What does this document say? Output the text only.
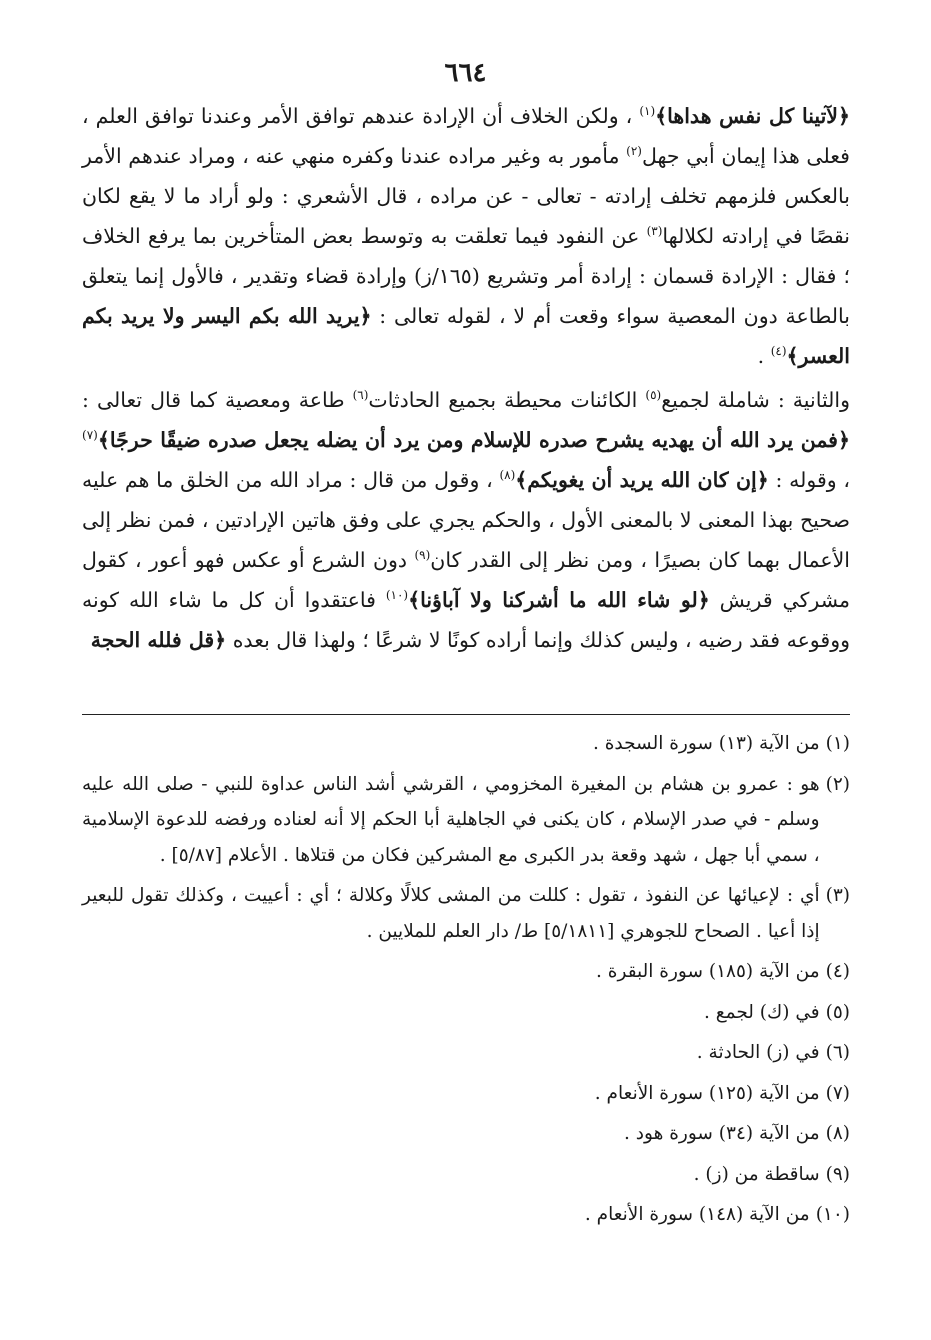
٦٦٤

﴿لآتينا كل نفس هداها﴾$^{(١)}$ ، ولكن الخلاف أن الإرادة عندهم توافق الأمر وعندنا توافق العلم ، فعلى هذا إيمان أبي جهل$^{(٢)}$ مأمور به وغير مراده عندنا وكفره منهي عنه ، ومراد عندهم الأمر بالعكس فلزمهم تخلف إرادته - تعالى - عن مراده ، قال الأشعري : ولو أراد ما لا يقع لكان نقصًا في إرادته لكلالها$^{(٣)}$ عن النفود فيما تعلقت به وتوسط بعض المتأخرين بما يرفع الخلاف ؛ فقال : الإرادة قسمان : إرادة أمر وتشريع (١٦٥/ز) وإرادة قضاء وتقدير ، فالأول إنما يتعلق بالطاعة دون المعصية سواء وقعت أم لا ، لقوله تعالى : ﴿يريد الله بكم اليسر ولا يريد بكم العسر﴾$^{(٤)}$ .

والثانية : شاملة لجميع$^{(٥)}$ الكائنات محيطة بجميع الحادثات$^{(٦)}$ طاعة ومعصية كما قال تعالى : ﴿فمن يرد الله أن يهديه يشرح صدره للإسلام ومن يرد أن يضله يجعل صدره ضيقًا حرجًا﴾$^{(٧)}$ ، وقوله : ﴿إن كان الله يريد أن يغويكم﴾$^{(٨)}$ ، وقول من قال : مراد الله من الخلق ما هم عليه صحيح بهذا المعنى لا بالمعنى الأول ، والحكم يجري على وفق هاتين الإرادتين ، فمن نظر إلى الأعمال بهما كان بصيرًا ، ومن نظر إلى القدر كان$^{(٩)}$ دون الشرع أو عكس فهو أعور ، كقول مشركي قريش ﴿لو شاء الله ما أشركنا ولا آباؤنا﴾$^{(١٠)}$ فاعتقدوا أن كل ما شاء الله كونه ووقوعه فقد رضيه ، وليس كذلك وإنما أراده كونًا لا شرعًا ؛ ولهذا قال بعده ﴿قل فلله الحجة

(١)
من الآية (١٣) سورة السجدة .
(٢)
هو : عمرو بن هشام بن المغيرة المخزومي ، القرشي أشد الناس عداوة للنبي - صلى الله عليه وسلم - في صدر الإسلام ، كان يكنى في الجاهلية أبا الحكم إلا أنه لعناده ورفضه للدعوة الإسلامية ، سمي أبا جهل ، شهد وقعة بدر الكبرى مع المشركين فكان من قتلاها . الأعلام [٥/٨٧] .
(٣)
أي : لإعيائها عن النفوذ ، تقول : كللت من المشى كلالًا وكلالة ؛ أي : أعييت ، وكذلك تقول للبعير إذا أعيا . الصحاح للجوهري [٥/١٨١١] ط/ دار العلم للملايين .
(٤)
من الآية (١٨٥) سورة البقرة .
(٥)
في (ك) لجمع .
(٦)
في (ز) الحادثة .
(٧)
من الآية (١٢٥) سورة الأنعام .
(٨)
من الآية (٣٤) سورة هود .
(٩)
ساقطة من (ز) .
(١٠)
من الآية (١٤٨) سورة الأنعام .
